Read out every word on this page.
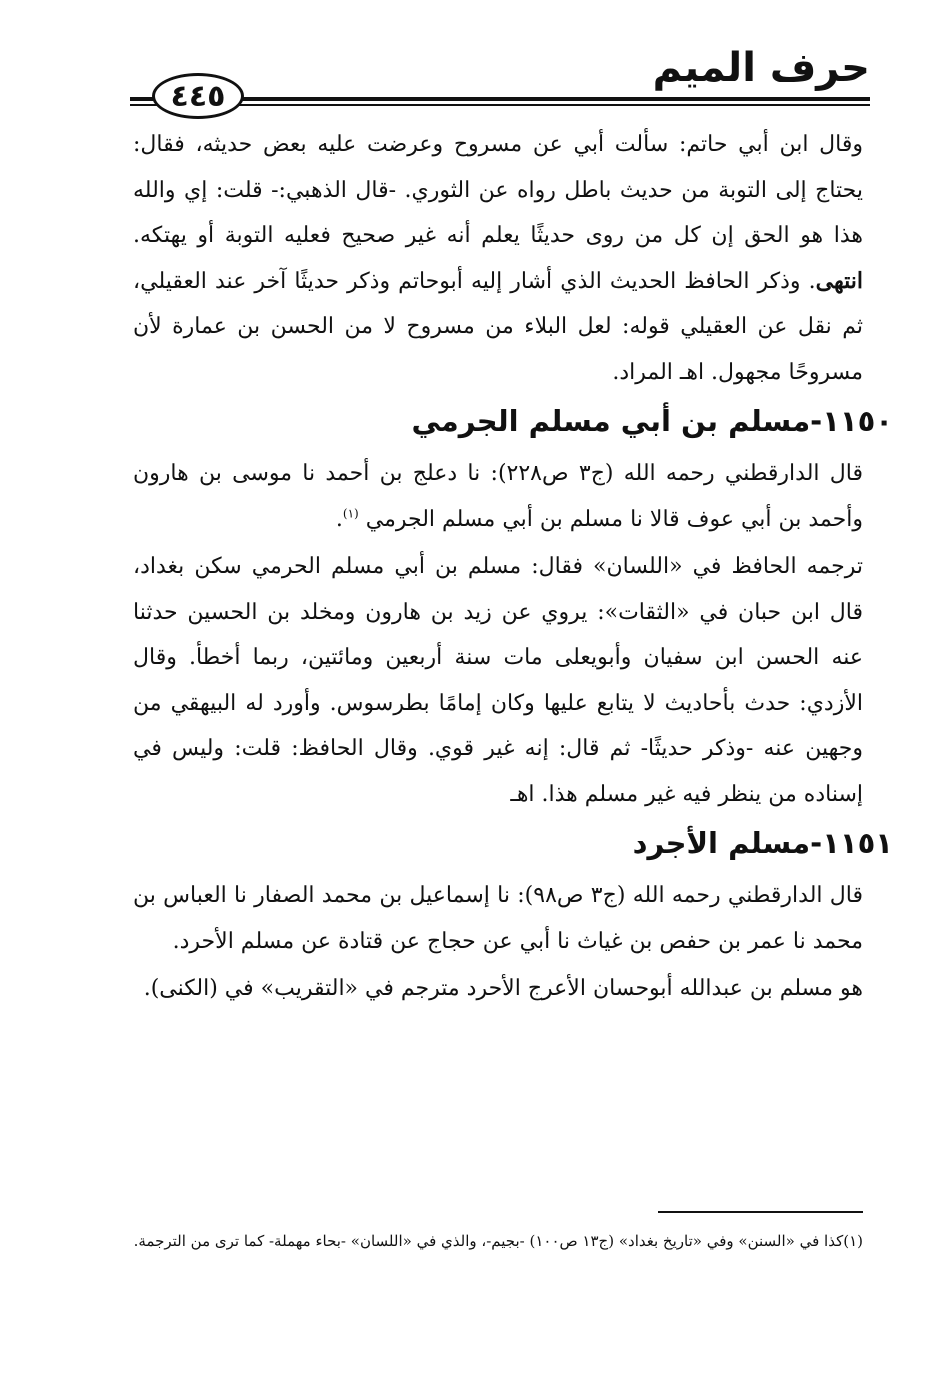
حرف الميم
٤٤٥

وقال ابن أبي حاتم: سألت أبي عن مسروح وعرضت عليه بعض حديثه، فقال: يحتاج إلى التوبة من حديث باطل رواه عن الثوري. -قال الذهبي:- قلت: إي والله هذا هو الحق إن كل من روى حديثًا يعلم أنه غير صحيح فعليه التوبة أو يهتكه. انتهى. وذكر الحافظ الحديث الذي أشار إليه أبوحاتم وذكر حديثًا آخر عند العقيلي، ثم نقل عن العقيلي قوله: لعل البلاء من مسروح لا من الحسن بن عمارة لأن مسروحًا مجهول. اهـ المراد.

١١٥٠-مسلم بن أبي مسلم الجرمي

قال الدارقطني رحمه الله (ج٣ ص٢٢٨): نا دعلج بن أحمد نا موسى بن هارون وأحمد بن أبي عوف قالا نا مسلم بن أبي مسلم الجرمي $^{(١)}$.

ترجمه الحافظ في «اللسان» فقال: مسلم بن أبي مسلم الحرمي سكن بغداد، قال ابن حبان في «الثقات»: يروي عن زيد بن هارون ومخلد بن الحسين حدثنا عنه الحسن ابن سفيان وأبويعلى مات سنة أربعين ومائتين، ربما أخطأ. وقال الأزدي: حدث بأحاديث لا يتابع عليها وكان إمامًا بطرسوس. وأورد له البيهقي من وجهين عنه -وذكر حديثًا- ثم قال: إنه غير قوي. وقال الحافظ: قلت: وليس في إسناده من ينظر فيه غير مسلم هذا. اهـ

١١٥١-مسلم الأجرد

قال الدارقطني رحمه الله (ج٣ ص٩٨): نا إسماعيل بن محمد الصفار نا العباس بن محمد نا عمر بن حفص بن غياث نا أبي عن حجاج عن قتادة عن مسلم الأحرد.

هو مسلم بن عبدالله أبوحسان الأعرج الأحرد مترجم في «التقريب» في (الكنى).

(١)كذا في «السنن» وفي «تاريخ بغداد» (ج١٣ ص١٠٠) -بجيم-، والذي في «اللسان» -بحاء مهملة- كما ترى من الترجمة.
